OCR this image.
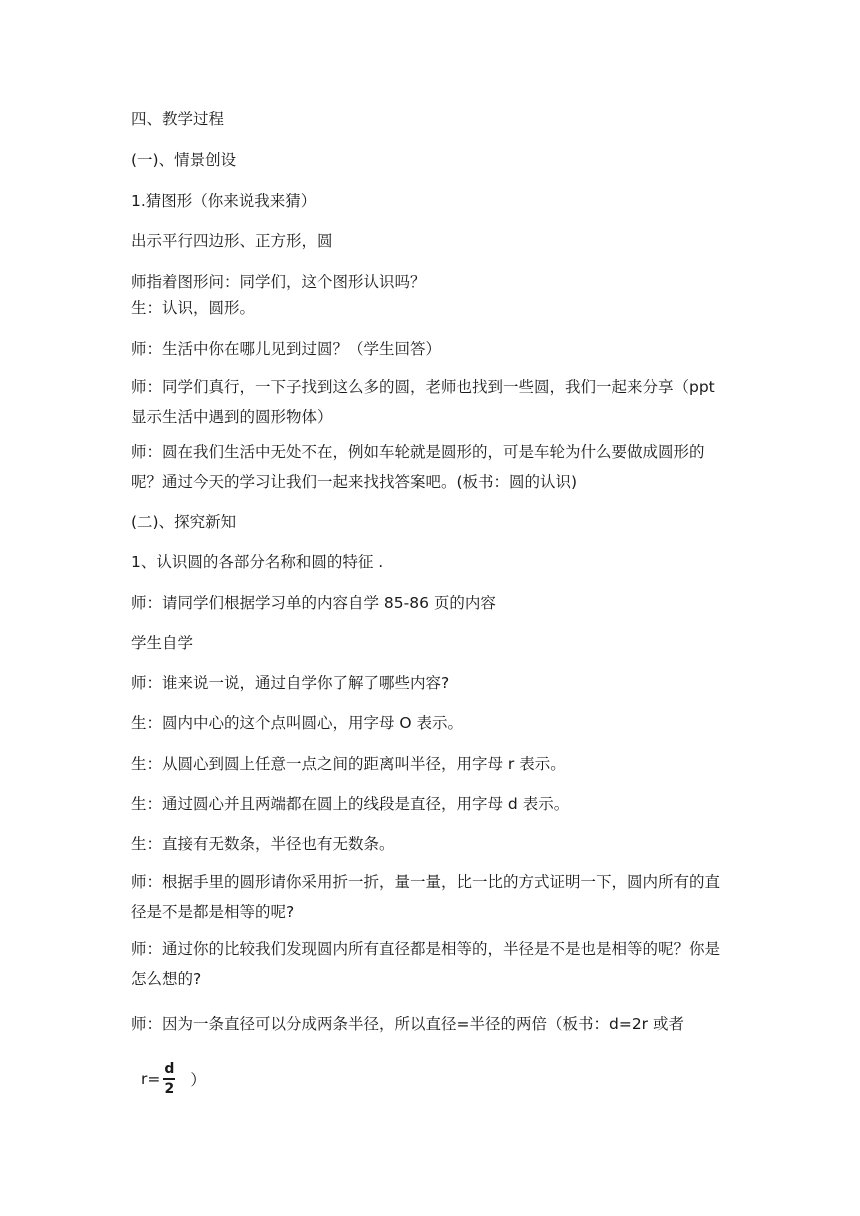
四、教学过程
(一)、情景创设
1.猜图形（你来说我来猜）
出示平行四边形、正方形，圆
师指着图形问：同学们，这个图形认识吗？
生：认识，圆形。
师：生活中你在哪儿见到过圆？（学生回答）
师：同学们真行，一下子找到这么多的圆，老师也找到一些圆，我们一起来分享（ppt 显示生活中遇到的圆形物体）
师：圆在我们生活中无处不在，例如车轮就是圆形的，可是车轮为什么要做成圆形的呢？通过今天的学习让我们一起来找找答案吧。(板书：圆的认识)
(二)、探究新知
1、认识圆的各部分名称和圆的特征 .
师：请同学们根据学习单的内容自学 85-86 页的内容
学生自学
师：谁来说一说，通过自学你了解了哪些内容?
生：圆内中心的这个点叫圆心，用字母 O 表示。
生：从圆心到圆上任意一点之间的距离叫半径，用字母 r 表示。
生：通过圆心并且两端都在圆上的线段是直径，用字母 d 表示。
生：直接有无数条，半径也有无数条。
师：根据手里的圆形请你采用折一折，量一量，比一比的方式证明一下，圆内所有的直径是不是都是相等的呢?
师：通过你的比较我们发现圆内所有直径都是相等的，半径是不是也是相等的呢？你是怎么想的?
师：因为一条直径可以分成两条半径，所以直径=半径的两倍（板书：d=2r 或者
$r= \frac{d}{2}$ ）
